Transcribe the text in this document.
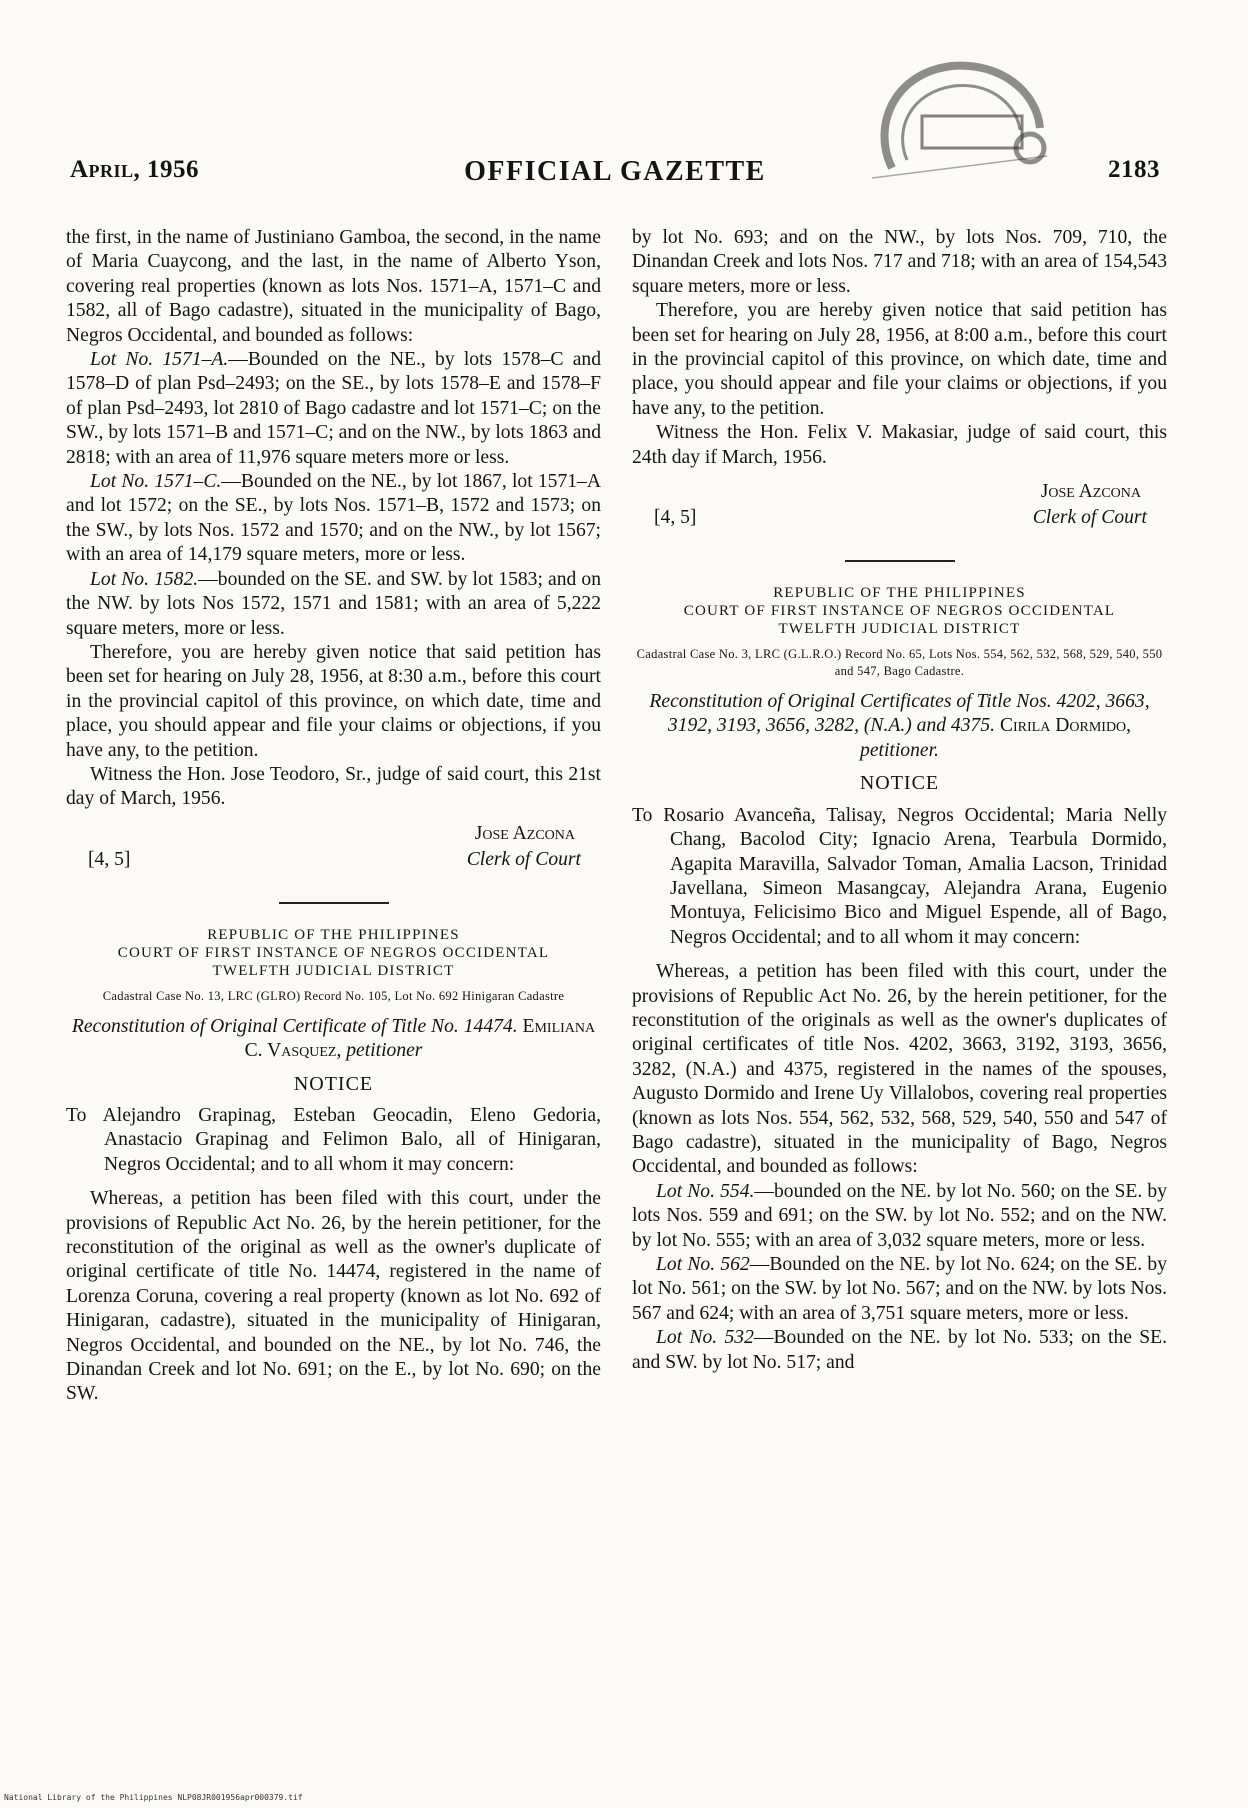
April, 1956	OFFICIAL GAZETTE	2183

the first, in the name of Justiniano Gamboa, the second, in the name of Maria Cuaycong, and the last, in the name of Alberto Yson, covering real properties (known as lots Nos. 1571–A, 1571–C and 1582, all of Bago cadastre), situated in the municipality of Bago, Negros Occidental, and bounded as follows:

Lot No. 1571–A.—Bounded on the NE., by lots 1578–C and 1578–D of plan Psd–2493; on the SE., by lots 1578–E and 1578–F of plan Psd–2493, lot 2810 of Bago cadastre and lot 1571–C; on the SW., by lots 1571–B and 1571–C; and on the NW., by lots 1863 and 2818; with an area of 11,976 square meters more or less.

Lot No. 1571–C.—Bounded on the NE., by lot 1867, lot 1571–A and lot 1572; on the SE., by lots Nos. 1571–B, 1572 and 1573; on the SW., by lots Nos. 1572 and 1570; and on the NW., by lot 1567; with an area of 14,179 square meters, more or less.

Lot No. 1582.—bounded on the SE. and SW. by lot 1583; and on the NW. by lots Nos 1572, 1571 and 1581; with an area of 5,222 square meters, more or less.

Therefore, you are hereby given notice that said petition has been set for hearing on July 28, 1956, at 8:30 a.m., before this court in the provincial capitol of this province, on which date, time and place, you should appear and file your claims or objections, if you have any, to the petition.

Witness the Hon. Jose Teodoro, Sr., judge of said court, this 21st day of March, 1956.

[4, 5]
Jose Azcona
Clerk of Court
REPUBLIC OF THE PHILIPPINES
COURT OF FIRST INSTANCE OF NEGROS OCCIDENTAL
TWELFTH JUDICIAL DISTRICT
Cadastral Case No. 13, LRC (GLRO) Record No. 105, Lot No. 692 Hinigaran Cadastre
Reconstitution of Original Certificate of Title No. 14474. Emiliana C. Vasquez, petitioner
NOTICE

To Alejandro Grapinag, Esteban Geocadin, Eleno Gedoria, Anastacio Grapinag and Felimon Balo, all of Hinigaran, Negros Occidental; and to all whom it may concern:

Whereas, a petition has been filed with this court, under the provisions of Republic Act No. 26, by the herein petitioner, for the reconstitution of the original as well as the owner's duplicate of original certificate of title No. 14474, registered in the name of Lorenza Coruna, covering a real property (known as lot No. 692 of Hinigaran, cadastre), situated in the municipality of Hinigaran, Negros Occidental, and bounded on the NE., by lot No. 746, the Dinandan Creek and lot No. 691; on the E., by lot No. 690; on the SW.

by lot No. 693; and on the NW., by lots Nos. 709, 710, the Dinandan Creek and lots Nos. 717 and 718; with an area of 154,543 square meters, more or less.

Therefore, you are hereby given notice that said petition has been set for hearing on July 28, 1956, at 8:00 a.m., before this court in the provincial capitol of this province, on which date, time and place, you should appear and file your claims or objections, if you have any, to the petition.

Witness the Hon. Felix V. Makasiar, judge of said court, this 24th day if March, 1956.

[4, 5]
Jose Azcona
Clerk of Court
REPUBLIC OF THE PHILIPPINES
COURT OF FIRST INSTANCE OF NEGROS OCCIDENTAL
TWELFTH JUDICIAL DISTRICT
Cadastral Case No. 3, LRC (G.L.R.O.) Record No. 65, Lots Nos. 554, 562, 532, 568, 529, 540, 550 and 547, Bago Cadastre.
Reconstitution of Original Certificates of Title Nos. 4202, 3663, 3192, 3193, 3656, 3282, (N.A.) and 4375. Cirila Dormido, petitioner.
NOTICE

To Rosario Avanceña, Talisay, Negros Occidental; Maria Nelly Chang, Bacolod City; Ignacio Arena, Tearbula Dormido, Agapita Maravilla, Salvador Toman, Amalia Lacson, Trinidad Javellana, Simeon Masangcay, Alejandra Arana, Eugenio Montuya, Felicisimo Bico and Miguel Espende, all of Bago, Negros Occidental; and to all whom it may concern:

Whereas, a petition has been filed with this court, under the provisions of Republic Act No. 26, by the herein petitioner, for the reconstitution of the originals as well as the owner's duplicates of original certificates of title Nos. 4202, 3663, 3192, 3193, 3656, 3282, (N.A.) and 4375, registered in the names of the spouses, Augusto Dormido and Irene Uy Villalobos, covering real properties (known as lots Nos. 554, 562, 532, 568, 529, 540, 550 and 547 of Bago cadastre), situated in the municipality of Bago, Negros Occidental, and bounded as follows:

Lot No. 554.—bounded on the NE. by lot No. 560; on the SE. by lots Nos. 559 and 691; on the SW. by lot No. 552; and on the NW. by lot No. 555; with an area of 3,032 square meters, more or less.

Lot No. 562—Bounded on the NE. by lot No. 624; on the SE. by lot No. 561; on the SW. by lot No. 567; and on the NW. by lots Nos. 567 and 624; with an area of 3,751 square meters, more or less.

Lot No. 532—Bounded on the NE. by lot No. 533; on the SE. and SW. by lot No. 517; and

National Library of the Philippines NLP08JR001956apr000379.tif
